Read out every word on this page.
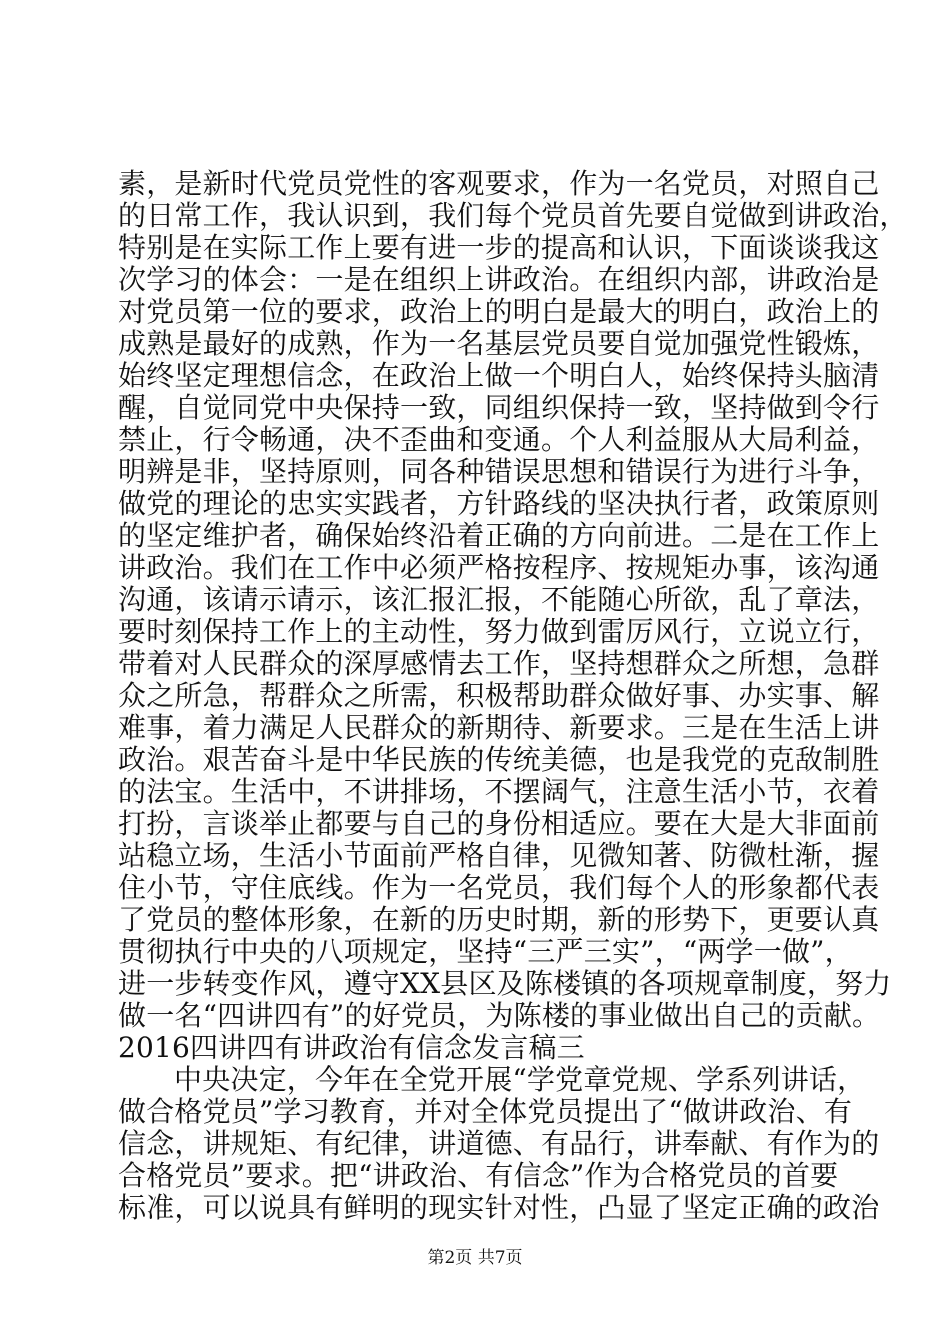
素，是新时代党员党性的客观要求，作为一名党员，对照自己
的日常工作，我认识到，我们每个党员首先要自觉做到讲政治，
特别是在实际工作上要有进一步的提高和认识，下面谈谈我这
次学习的体会：一是在组织上讲政治。在组织内部，讲政治是
对党员第一位的要求，政治上的明白是最大的明白，政治上的
成熟是最好的成熟，作为一名基层党员要自觉加强党性锻炼，
始终坚定理想信念，在政治上做一个明白人，始终保持头脑清
醒，自觉同党中央保持一致，同组织保持一致，坚持做到令行
禁止，行令畅通，决不歪曲和变通。个人利益服从大局利益，
明辨是非，坚持原则，同各种错误思想和错误行为进行斗争，
做党的理论的忠实实践者，方针路线的坚决执行者，政策原则
的坚定维护者，确保始终沿着正确的方向前进。二是在工作上
讲政治。我们在工作中必须严格按程序、按规矩办事，该沟通
沟通，该请示请示，该汇报汇报，不能随心所欲，乱了章法，
要时刻保持工作上的主动性，努力做到雷厉风行，立说立行，
带着对人民群众的深厚感情去工作，坚持想群众之所想，急群
众之所急，帮群众之所需，积极帮助群众做好事、办实事、解
难事，着力满足人民群众的新期待、新要求。三是在生活上讲
政治。艰苦奋斗是中华民族的传统美德，也是我党的克敌制胜
的法宝。生活中，不讲排场，不摆阔气，注意生活小节，衣着
打扮，言谈举止都要与自己的身份相适应。要在大是大非面前
站稳立场，生活小节面前严格自律，见微知著、防微杜渐，握
住小节，守住底线。作为一名党员，我们每个人的形象都代表
了党员的整体形象，在新的历史时期，新的形势下，更要认真
贯彻执行中央的八项规定，坚持“三严三实”，“两学一做”，
进一步转变作风，遵守XX县区及陈楼镇的各项规章制度，努力
做一名“四讲四有”的好党员，为陈楼的事业做出自己的贡献。
2016四讲四有讲政治有信念发言稿三
中央决定，今年在全党开展“学党章党规、学系列讲话，
做合格党员”学习教育，并对全体党员提出了“做讲政治、有
信念，讲规矩、有纪律，讲道德、有品行，讲奉献、有作为的
合格党员”要求。把“讲政治、有信念”作为合格党员的首要
标准，可以说具有鲜明的现实针对性，凸显了坚定正确的政治
第2页 共7页
